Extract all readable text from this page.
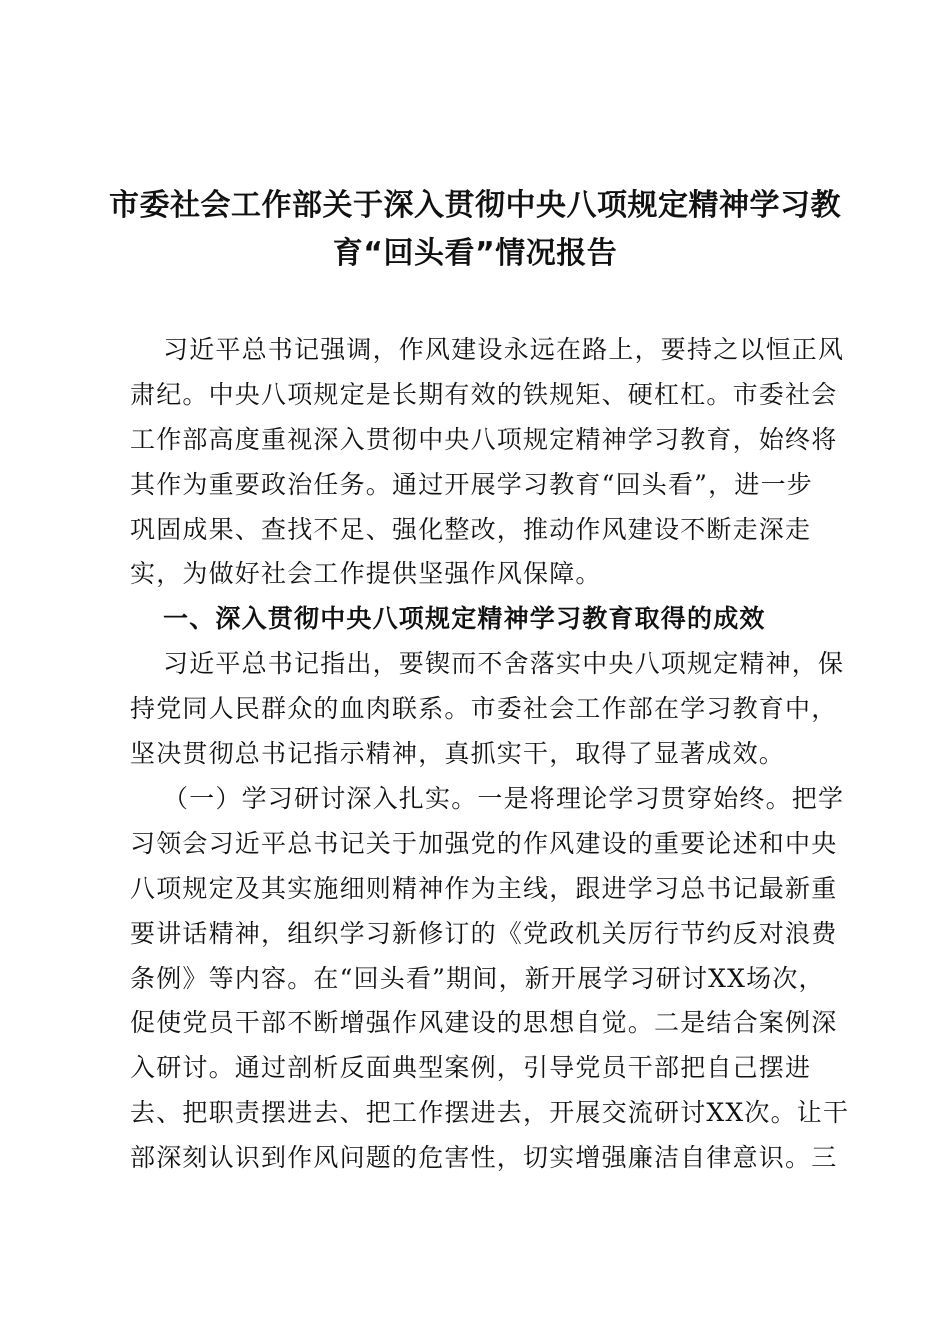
市委社会工作部关于深入贯彻中央八项规定精神学习教
育“回头看”情况报告
习近平总书记强调，作风建设永远在路上，要持之以恒正风
肃纪。中央八项规定是长期有效的铁规矩、硬杠杠。市委社会
工作部高度重视深入贯彻中央八项规定精神学习教育，始终将
其作为重要政治任务。通过开展学习教育“回头看”，进一步
巩固成果、查找不足、强化整改，推动作风建设不断走深走
实，为做好社会工作提供坚强作风保障。
一、深入贯彻中央八项规定精神学习教育取得的成效
习近平总书记指出，要锲而不舍落实中央八项规定精神，保
持党同人民群众的血肉联系。市委社会工作部在学习教育中，
坚决贯彻总书记指示精神，真抓实干，取得了显著成效。
（一）学习研讨深入扎实。一是将理论学习贯穿始终。把学
习领会习近平总书记关于加强党的作风建设的重要论述和中央
八项规定及其实施细则精神作为主线，跟进学习总书记最新重
要讲话精神，组织学习新修订的《党政机关厉行节约反对浪费
条例》等内容。在“回头看”期间，新开展学习研讨XX场次，
促使党员干部不断增强作风建设的思想自觉。二是结合案例深
入研讨。通过剖析反面典型案例，引导党员干部把自己摆进
去、把职责摆进去、把工作摆进去，开展交流研讨XX次。让干
部深刻认识到作风问题的危害性，切实增强廉洁自律意识。三
